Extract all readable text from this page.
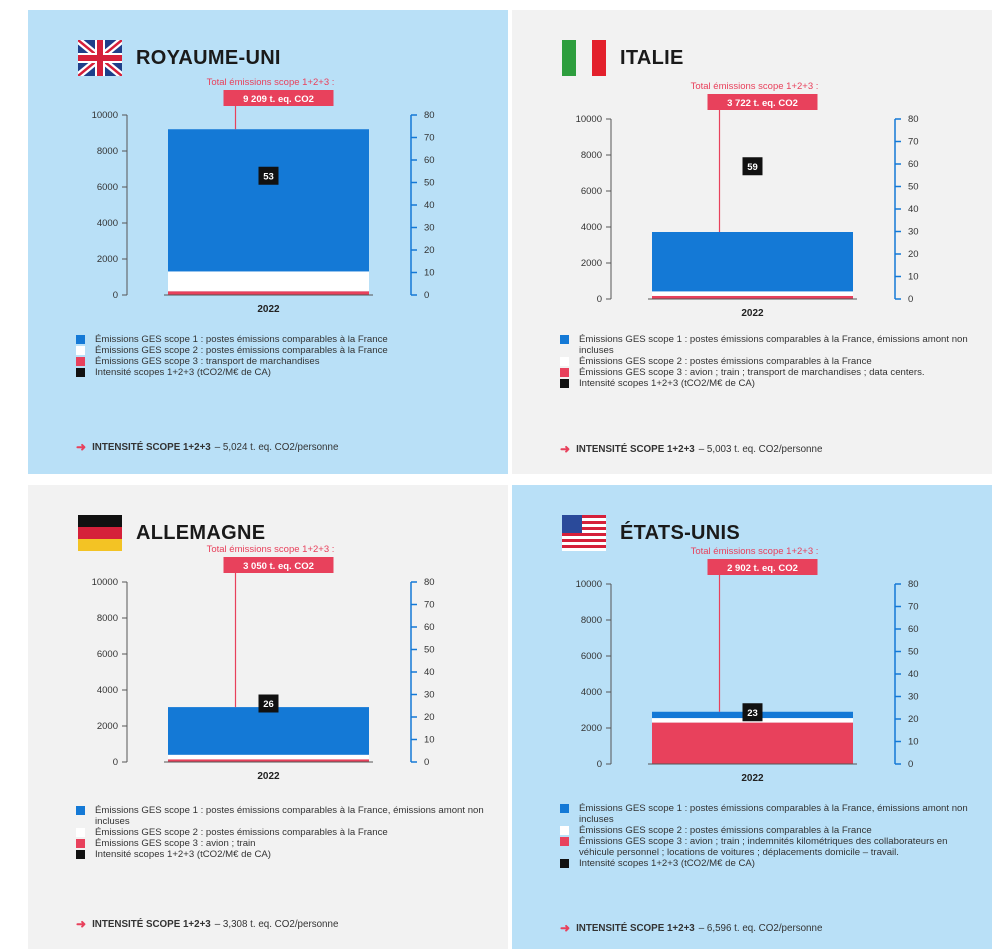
0
2000
4000
6000
8000
10000
0
10
20
30
40
50
60
70
80
2022
Total émissions scope 1+2+3 :
9 209 t. eq. CO2
53
ROYAUME-UNI
Émissions GES scope 1 : postes émissions comparables à la France
Émissions GES scope 2 : postes émissions comparables à la France
Émissions GES scope 3 : transport de marchandises
Intensité scopes 1+2+3 (tCO2/M€ de CA)
➜ INTENSITÉ SCOPE 1+2+3 – 5,024 t. eq. CO2/personne
0
2000
4000
6000
8000
10000
0
10
20
30
40
50
60
70
80
2022
Total émissions scope 1+2+3 :
3 722 t. eq. CO2
59
ITALIE
Émissions GES scope 1 : postes émissions comparables à la France, émissions amont non incluses
Émissions GES scope 2 : postes émissions comparables à la France
Émissions GES scope 3 : avion ; train ; transport de marchandises ; data centers.
Intensité scopes 1+2+3 (tCO2/M€ de CA)
➜ INTENSITÉ SCOPE 1+2+3 – 5,003 t. eq. CO2/personne
0
2000
4000
6000
8000
10000
0
10
20
30
40
50
60
70
80
2022
Total émissions scope 1+2+3 :
3 050 t. eq. CO2
26
ALLEMAGNE
Émissions GES scope 1 : postes émissions comparables à la France, émissions amont non incluses
Émissions GES scope 2 : postes émissions comparables à la France
Émissions GES scope 3 : avion ; train
Intensité scopes 1+2+3 (tCO2/M€ de CA)
➜ INTENSITÉ SCOPE 1+2+3 – 3,308 t. eq. CO2/personne
0
2000
4000
6000
8000
10000
0
10
20
30
40
50
60
70
80
2022
Total émissions scope 1+2+3 :
2 902 t. eq. CO2
23
ÉTATS-UNIS
Émissions GES scope 1 : postes émissions comparables à la France, émissions amont non incluses
Émissions GES scope 2 : postes émissions comparables à la France
Émissions GES scope 3 : avion ; train ; indemnités kilométriques des collaborateurs en véhicule personnel ; locations de voitures ; déplacements domicile – travail.
Intensité scopes 1+2+3 (tCO2/M€ de CA)
➜ INTENSITÉ SCOPE 1+2+3 – 6,596 t. eq. CO2/personne
